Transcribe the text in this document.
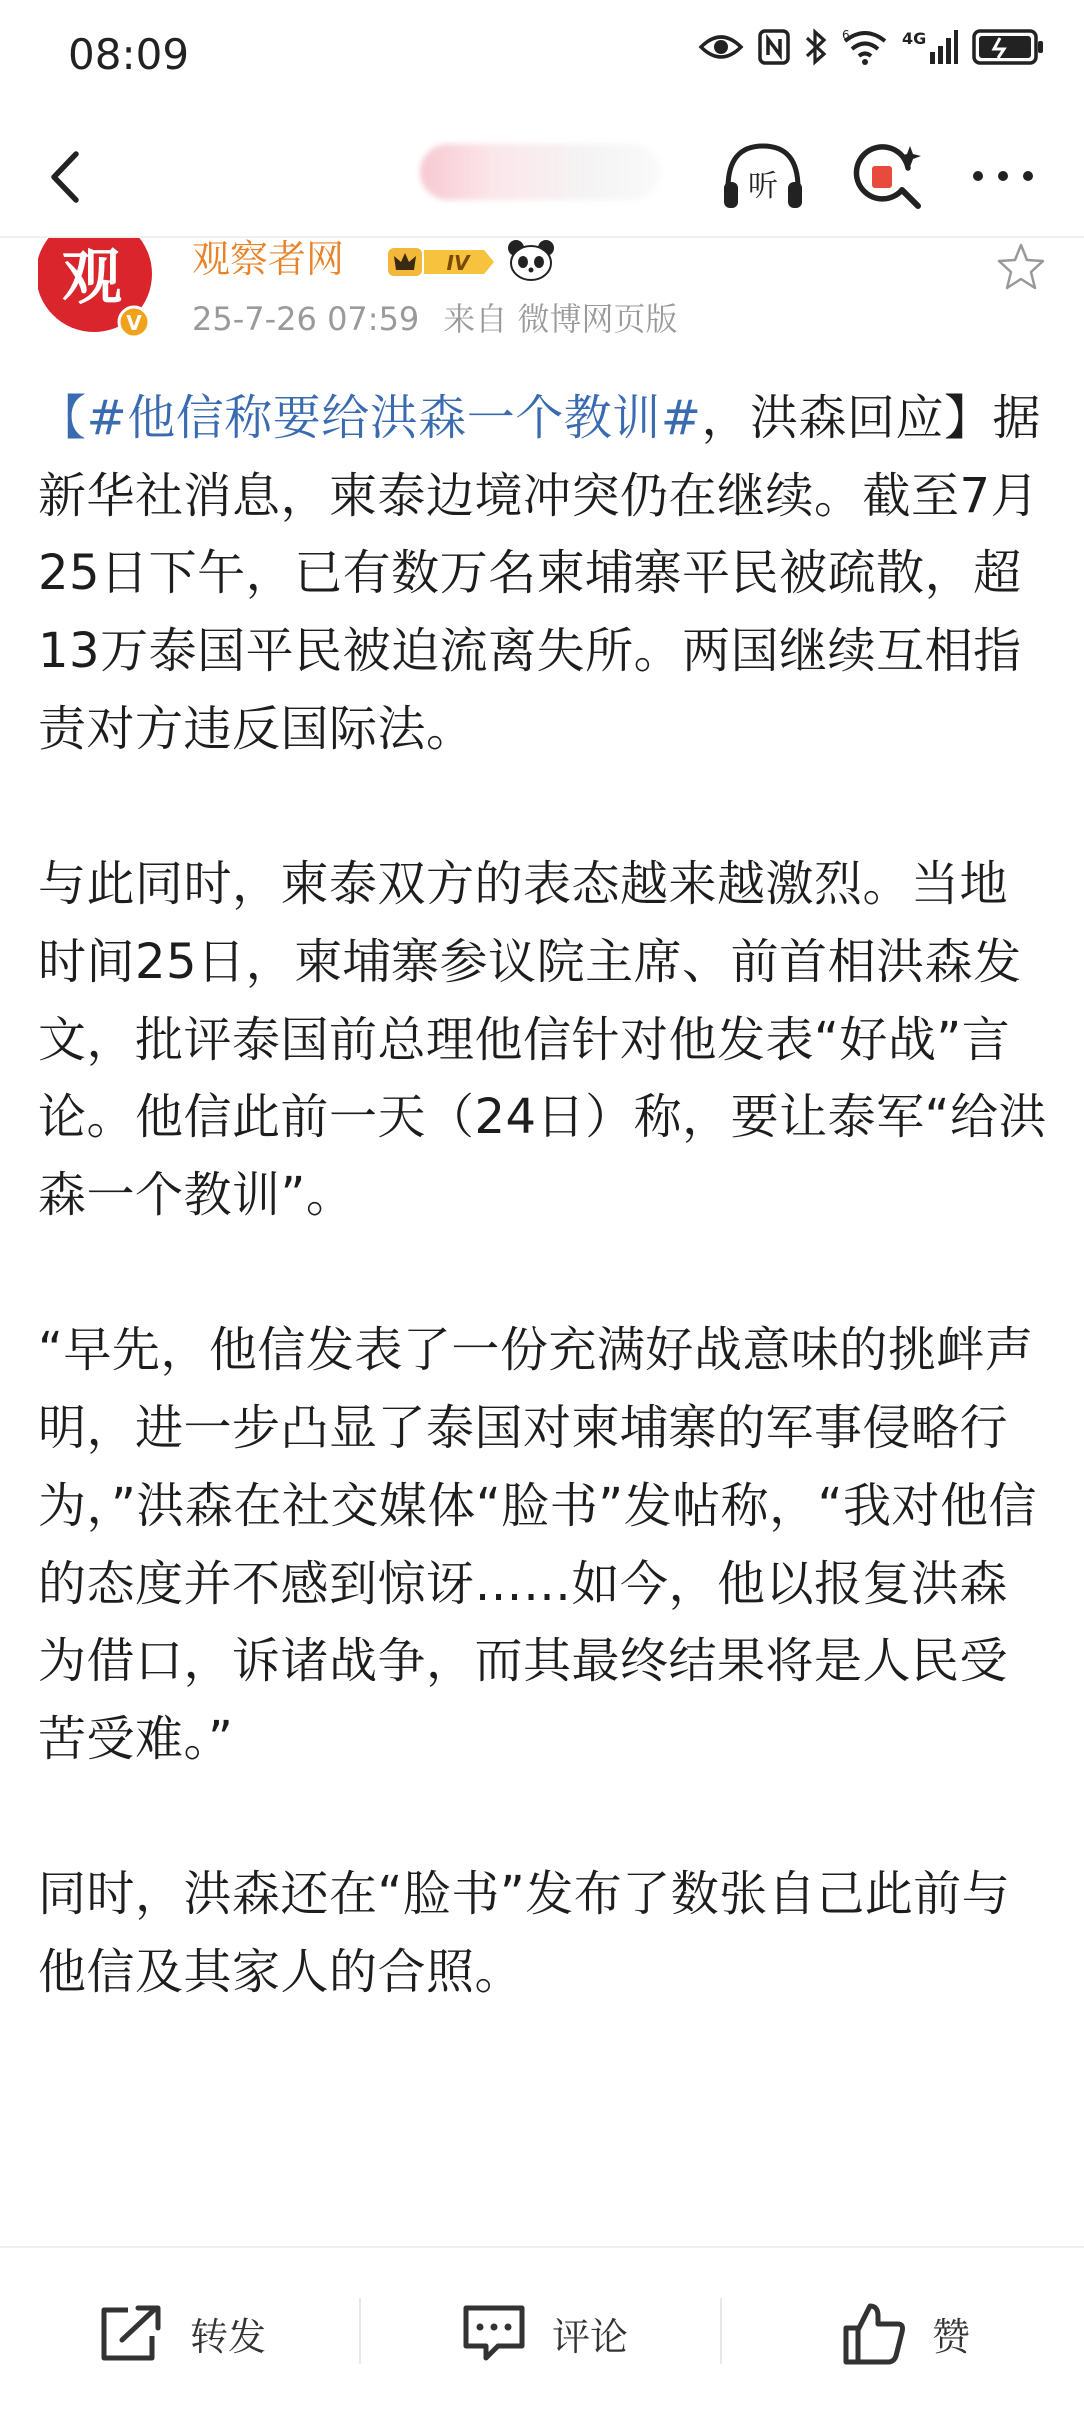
08:09	6	4G
听
观
V
观察者网	IV
25-7-26 07:59 来自 微博网页版

【#他信称要给洪森一个教训#，洪森回应】据新华社消息，柬泰边境冲突仍在继续。截至7月25日下午，已有数万名柬埔寨平民被疏散，超13万泰国平民被迫流离失所。两国继续互相指责对方违反国际法。

与此同时，柬泰双方的表态越来越激烈。当地时间25日，柬埔寨参议院主席、前首相洪森发文，批评泰国前总理他信针对他发表“好战”言论。他信此前一天（24日）称，要让泰军“给洪森一个教训”。

“早先，他信发表了一份充满好战意味的挑衅声明，进一步凸显了泰国对柬埔寨的军事侵略行为，”洪森在社交媒体“脸书”发帖称，“我对他信的态度并不感到惊讶……如今，他以报复洪森为借口，诉诸战争，而其最终结果将是人民受苦受难。”

同时，洪森还在“脸书”发布了数张自己此前与他信及其家人的合照。

转发	评论	赞
